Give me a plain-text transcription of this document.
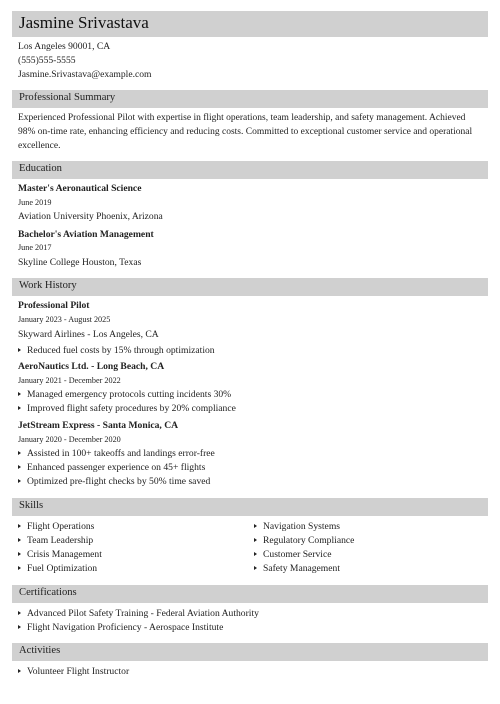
Jasmine Srivastava
Los Angeles 90001, CA
(555)555-5555
Jasmine.Srivastava@example.com
Professional Summary
Experienced Professional Pilot with expertise in flight operations, team leadership, and safety management. Achieved 98% on-time rate, enhancing efficiency and reducing costs. Committed to exceptional customer service and operational excellence.
Education
Master's Aeronautical Science
June 2019
Aviation University Phoenix, Arizona
Bachelor's Aviation Management
June 2017
Skyline College Houston, Texas
Work History
Professional Pilot
January 2023 - August 2025
Skyward Airlines - Los Angeles, CA
Reduced fuel costs by 15% through optimization
AeroNautics Ltd. - Long Beach, CA
January 2021 - December 2022
Managed emergency protocols cutting incidents 30%
Improved flight safety procedures by 20% compliance
JetStream Express - Santa Monica, CA
January 2020 - December 2020
Assisted in 100+ takeoffs and landings error-free
Enhanced passenger experience on 45+ flights
Optimized pre-flight checks by 50% time saved
Skills
Flight Operations
Team Leadership
Crisis Management
Fuel Optimization
Navigation Systems
Regulatory Compliance
Customer Service
Safety Management
Certifications
Advanced Pilot Safety Training - Federal Aviation Authority
Flight Navigation Proficiency - Aerospace Institute
Activities
Volunteer Flight Instructor
